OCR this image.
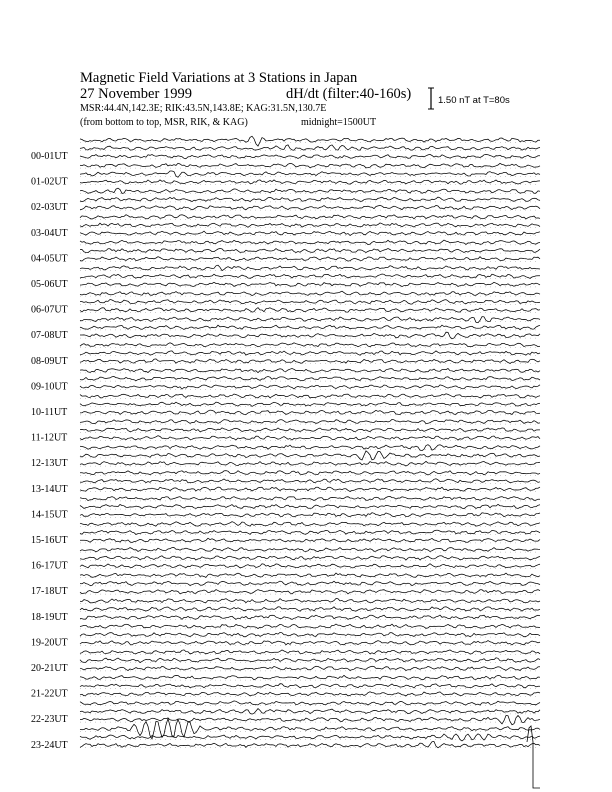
Magnetic Field Variations at 3 Stations in Japan
27 November 1999	dH/dt (filter:40-160s)
MSR:44.4N,142.3E; RIK:43.5N,143.8E; KAG:31.5N,130.7E
(from bottom to top, MSR, RIK, & KAG)	midnight=1500UT
1.50 nT at T=80s
00-01UT
01-02UT
02-03UT
03-04UT
04-05UT
05-06UT
06-07UT
07-08UT
08-09UT
09-10UT
10-11UT
11-12UT
12-13UT
13-14UT
14-15UT
15-16UT
16-17UT
17-18UT
18-19UT
19-20UT
20-21UT
21-22UT
22-23UT
23-24UT
